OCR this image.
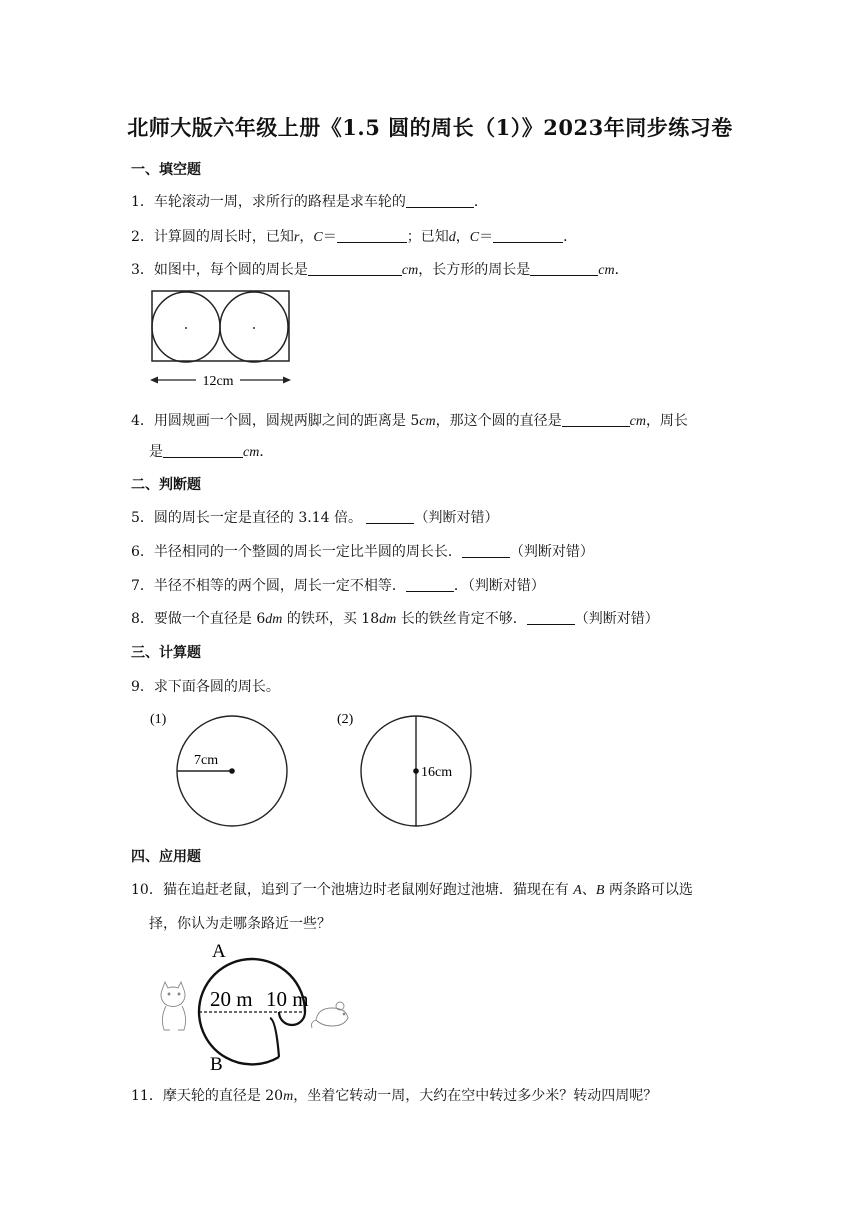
北师大版六年级上册《1.5 圆的周长（1）》2023年同步练习卷
一、填空题
1．车轮滚动一周，求所行的路程是求车轮的	．
2．计算圆的周长时，已知r，C＝	；已知d，C＝	．
3．如图中，每个圆的周长是	cm，长方形的周长是	cm．
12cm
4．用圆规画一个圆，圆规两脚之间的距离是 5cm，那这个圆的直径是	cm，周长
是	cm．
二、判断题
5．圆的周长一定是直径的 3.14 倍。	（判断对错）
6．半径相同的一个整圆的周长一定比半圆的周长长．	（判断对错）
7．半径不相等的两个圆，周长一定不相等．	．（判断对错）
8．要做一个直径是 6dm 的铁环，买 18dm 长的铁丝肯定不够．	（判断对错）
三、计算题
9．求下面各圆的周长。
(1)
7cm
(2)
16cm
四、应用题
10．猫在追赶老鼠，追到了一个池塘边时老鼠刚好跑过池塘．猫现在有 A、B 两条路可以选
择，你认为走哪条路近一些？
20 m 10 m
A
B
11．摩天轮的直径是 20m，坐着它转动一周，大约在空中转过多少米？转动四周呢？
